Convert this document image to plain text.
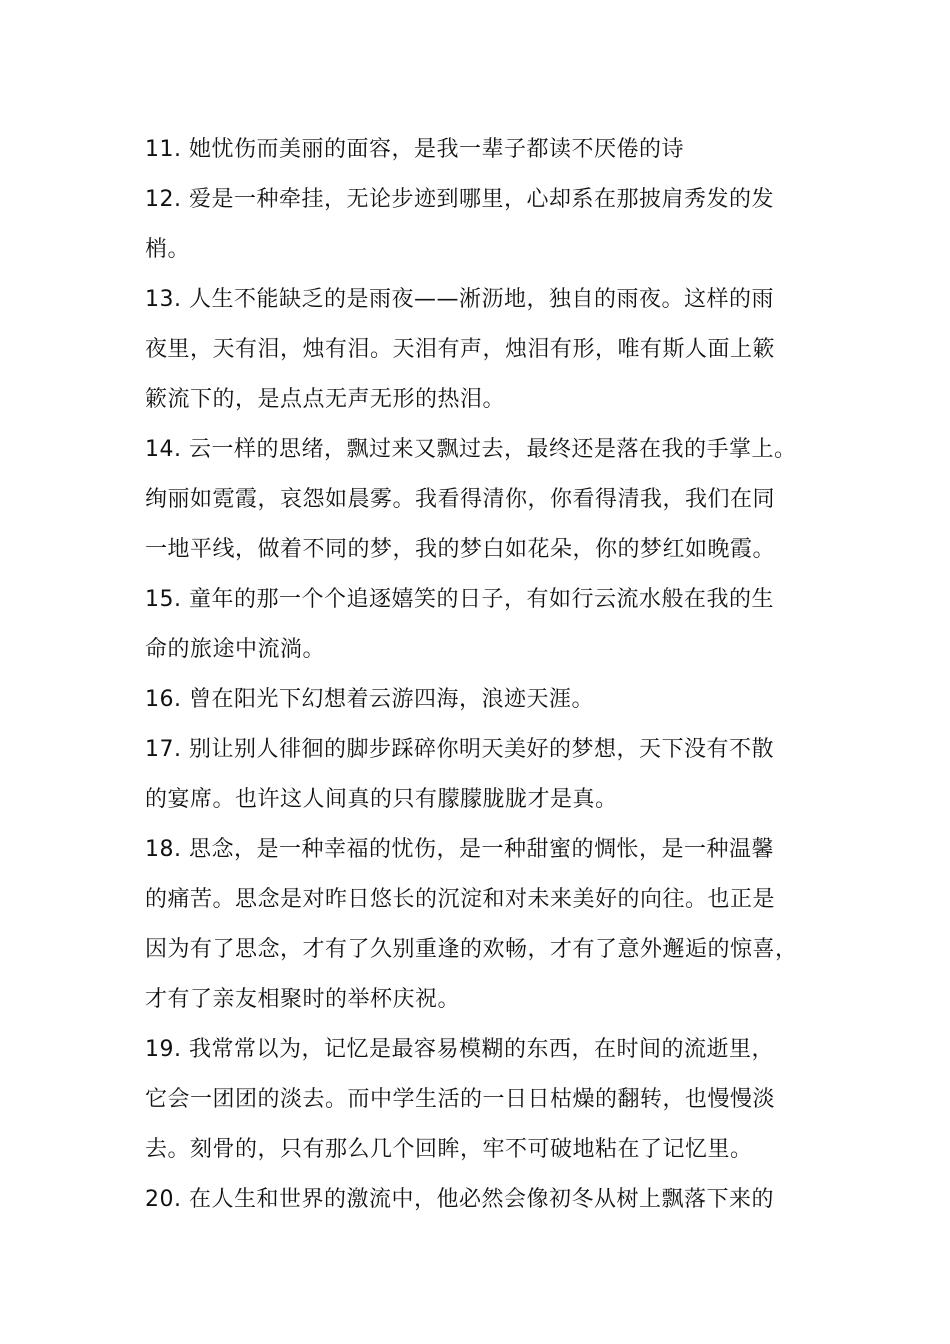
11. 她忧伤而美丽的面容，是我一辈子都读不厌倦的诗
12. 爱是一种牵挂，无论步迹到哪里，心却系在那披肩秀发的发
梢。
13. 人生不能缺乏的是雨夜——淅沥地，独自的雨夜。这样的雨
夜里，天有泪，烛有泪。天泪有声，烛泪有形，唯有斯人面上簌
簌流下的，是点点无声无形的热泪。
14. 云一样的思绪，飘过来又飘过去，最终还是落在我的手掌上。
绚丽如霓霞，哀怨如晨雾。我看得清你，你看得清我，我们在同
一地平线，做着不同的梦，我的梦白如花朵，你的梦红如晚霞。
15. 童年的那一个个追逐嬉笑的日子，有如行云流水般在我的生
命的旅途中流淌。
16. 曾在阳光下幻想着云游四海，浪迹天涯。
17. 别让别人徘徊的脚步踩碎你明天美好的梦想，天下没有不散
的宴席。也许这人间真的只有朦朦胧胧才是真。
18. 思念，是一种幸福的忧伤，是一种甜蜜的惆怅，是一种温馨
的痛苦。思念是对昨日悠长的沉淀和对未来美好的向往。也正是
因为有了思念，才有了久别重逢的欢畅，才有了意外邂逅的惊喜，
才有了亲友相聚时的举杯庆祝。
19. 我常常以为，记忆是最容易模糊的东西，在时间的流逝里，
它会一团团的淡去。而中学生活的一日日枯燥的翻转，也慢慢淡
去。刻骨的，只有那么几个回眸，牢不可破地粘在了记忆里。
20. 在人生和世界的激流中，他必然会像初冬从树上飘落下来的
